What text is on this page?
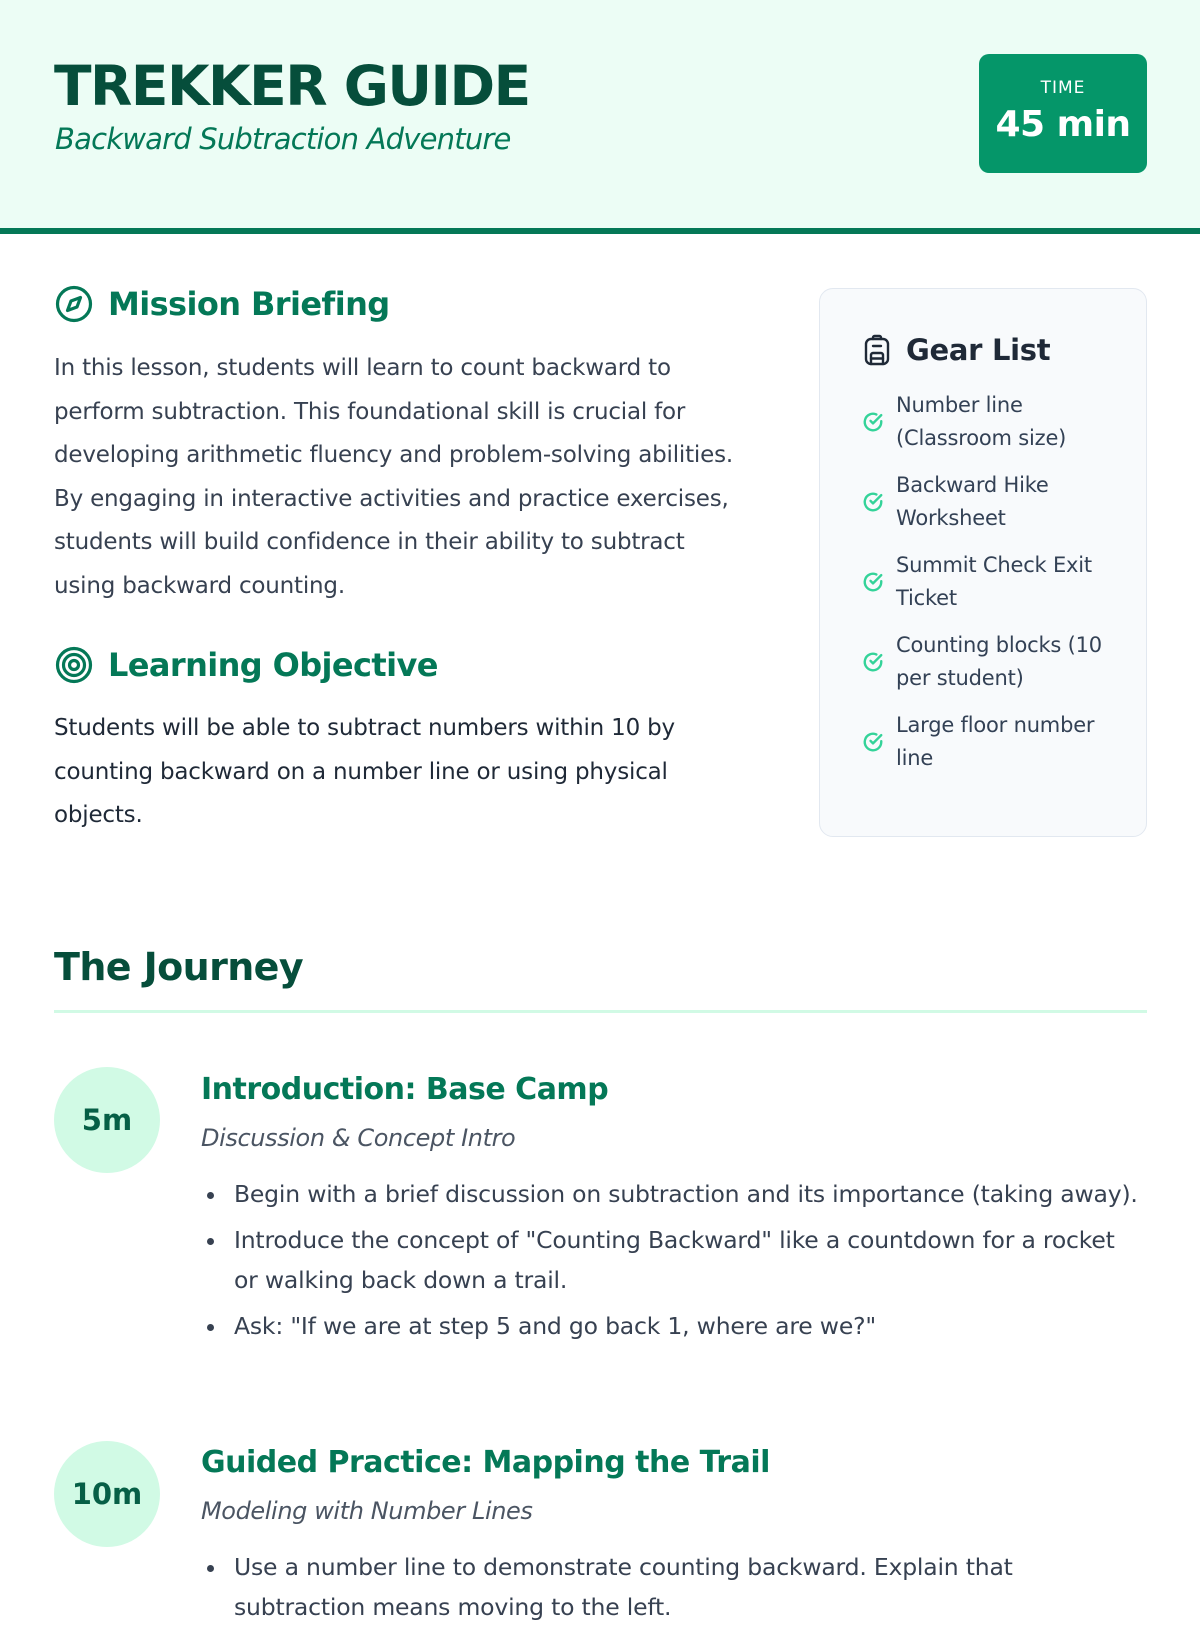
TREKKER GUIDE
Backward Subtraction Adventure
TIME
45 min
Mission Briefing

In this lesson, students will learn to count backward to perform subtraction. This foundational skill is crucial for developing arithmetic fluency and problem-solving abilities. By engaging in interactive activities and practice exercises, students will build confidence in their ability to subtract using backward counting.

Learning Objective

Students will be able to subtract numbers within 10 by counting backward on a number line or using physical objects.

Gear List
Number line (Classroom size)
Backward Hike Worksheet
Summit Check Exit Ticket
Counting blocks (10 per student)
Large floor number line
The Journey
5m
Introduction: Base Camp
Discussion & Concept Intro
Begin with a brief discussion on subtraction and its importance (taking away).
Introduce the concept of "Counting Backward" like a countdown for a rocket or walking back down a trail.
Ask: "If we are at step 5 and go back 1, where are we?"
10m
Guided Practice: Mapping the Trail
Modeling with Number Lines
Use a number line to demonstrate counting backward. Explain that subtraction means moving to the left.
